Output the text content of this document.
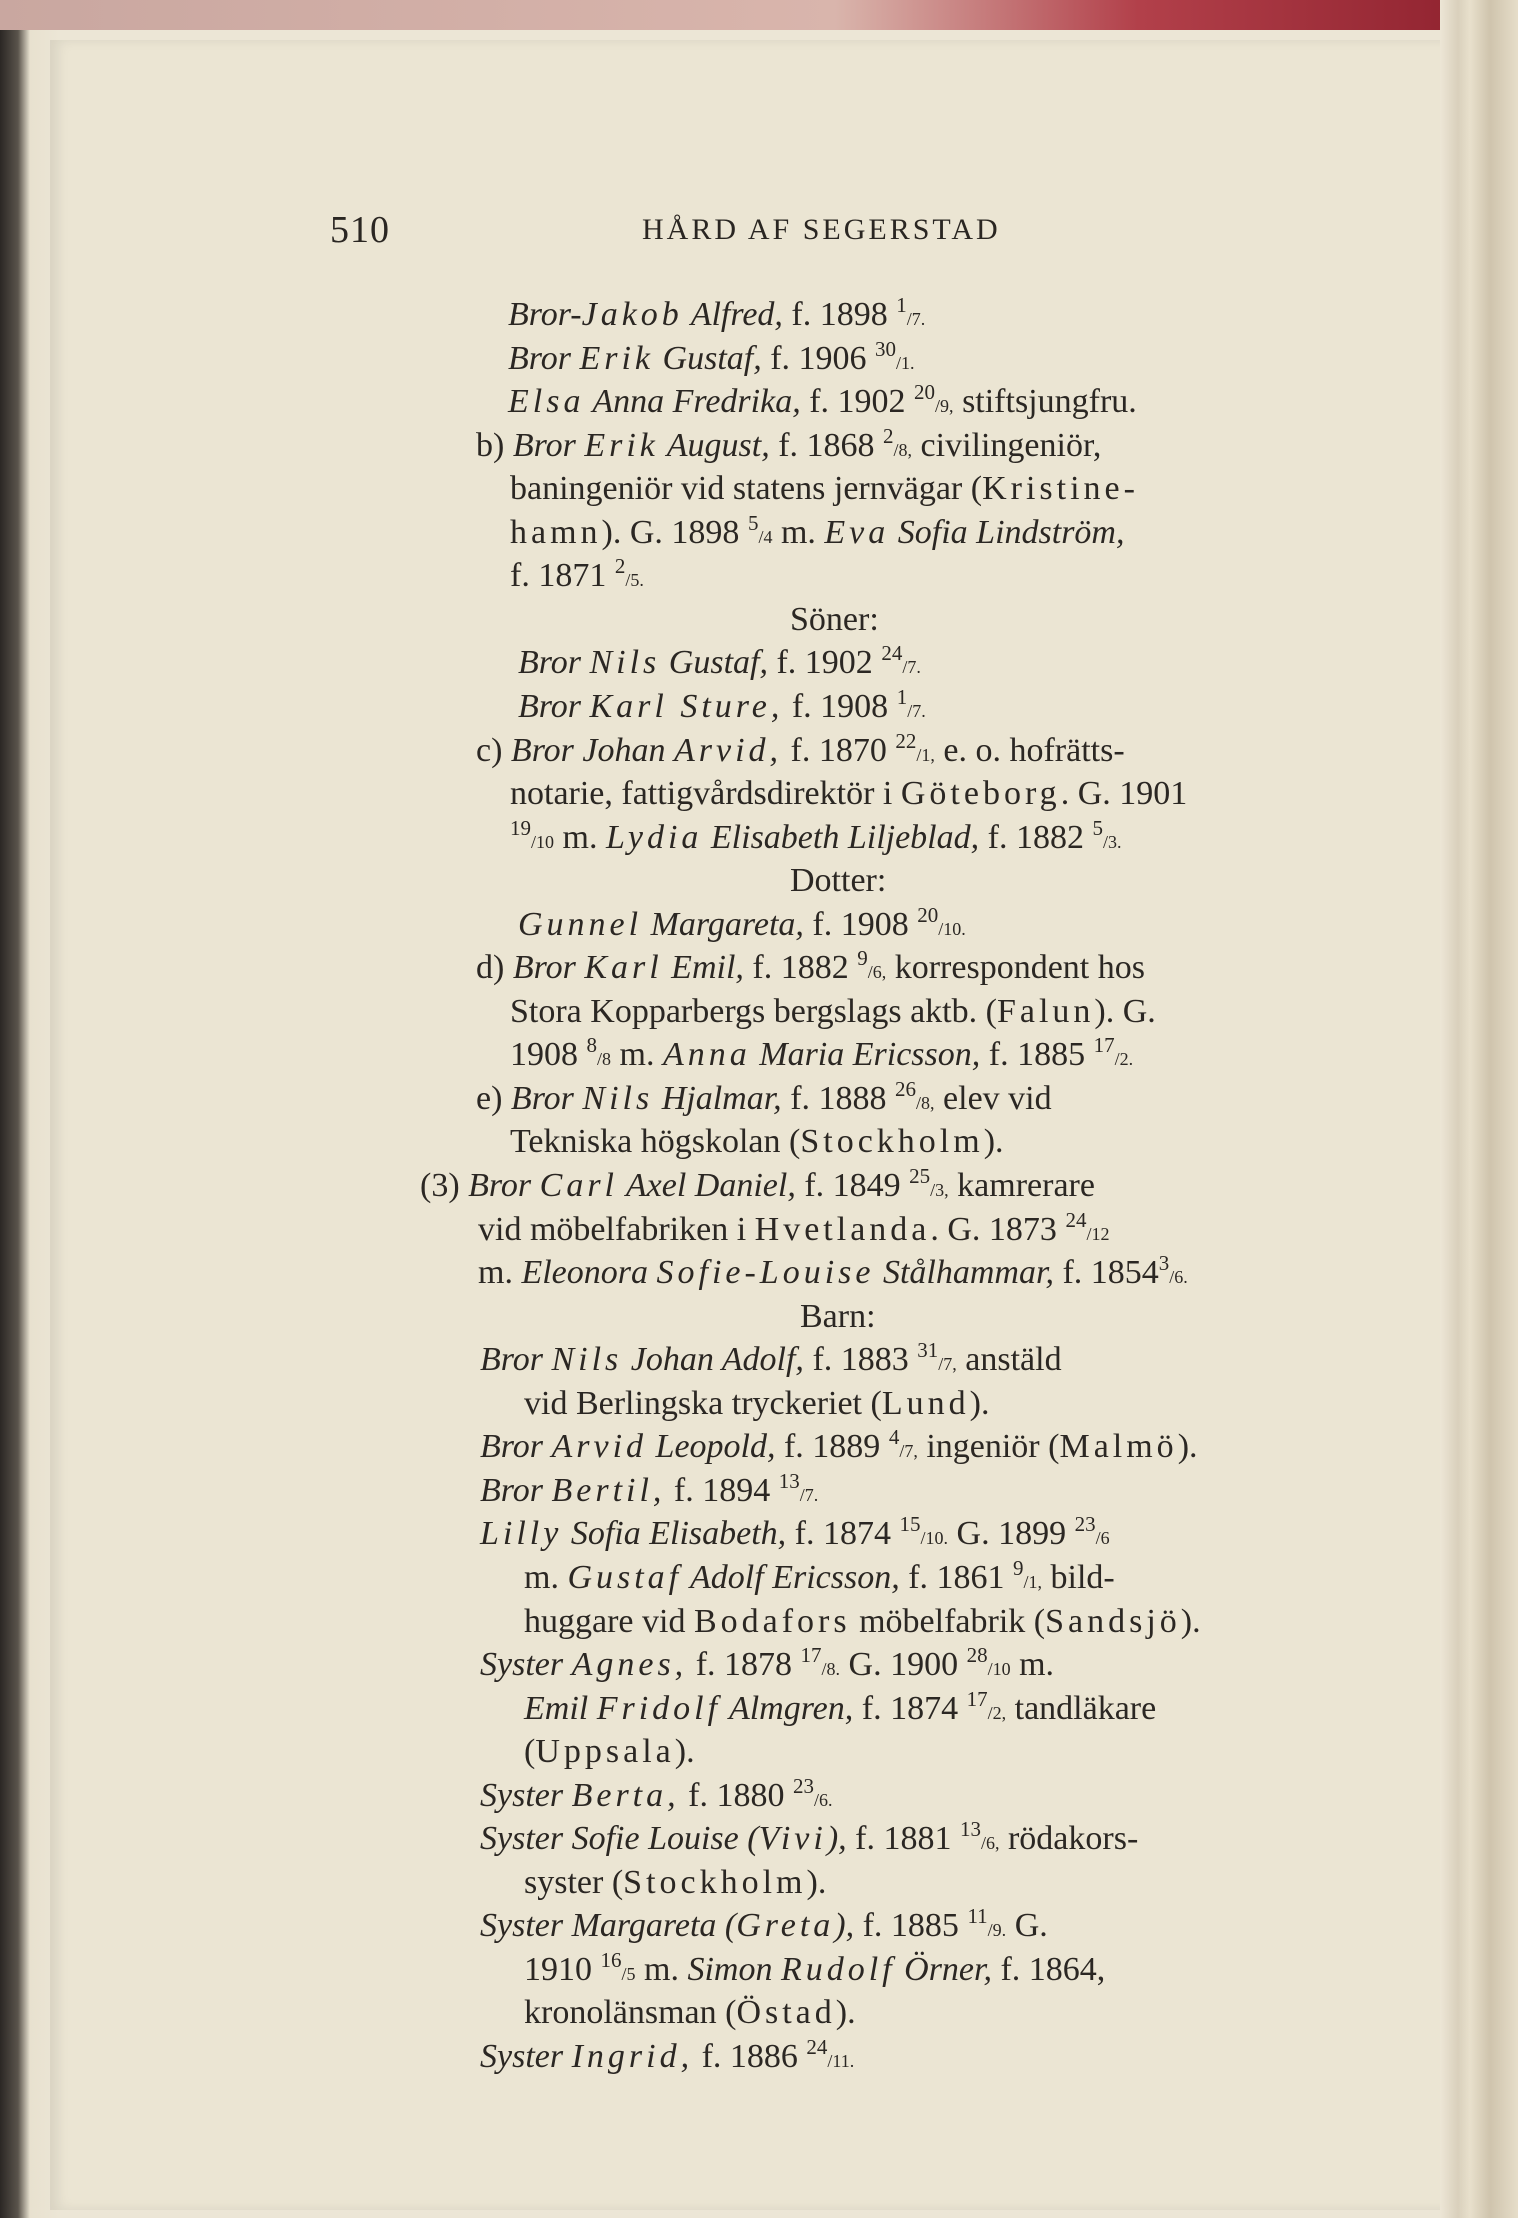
510	HÅRD AF SEGERSTAD
Bror-Jakob Alfred, f. 1898 1/7.
Bror Erik Gustaf, f. 1906 30/1.
Elsa Anna Fredrika, f. 1902 20/9, stiftsjungfru.
b) Bror Erik August, f. 1868 2/8, civilingeniör,
baningeniör vid statens jernvägar (Kristine-
hamn). G. 1898 5/4 m. Eva Sofia Lindström,
f. 1871 2/5.
Söner:
Bror Nils Gustaf, f. 1902 24/7.
Bror Karl Sture, f. 1908 1/7.
c) Bror Johan Arvid, f. 1870 22/1, e. o. hofrätts-
notarie, fattigvårdsdirektör i Göteborg. G. 1901
19/10 m. Lydia Elisabeth Liljeblad, f. 1882 5/3.
Dotter:
Gunnel Margareta, f. 1908 20/10.
d) Bror Karl Emil, f. 1882 9/6, korrespondent hos
Stora Kopparbergs bergslags aktb. (Falun). G.
1908 8/8 m. Anna Maria Ericsson, f. 1885 17/2.
e) Bror Nils Hjalmar, f. 1888 26/8, elev vid
Tekniska högskolan (Stockholm).
(3) Bror Carl Axel Daniel, f. 1849 25/3, kamrerare
vid möbelfabriken i Hvetlanda. G. 1873 24/12
m. Eleonora Sofie-Louise Stålhammar, f. 18543/6.
Barn:
Bror Nils Johan Adolf, f. 1883 31/7, anstäld
vid Berlingska tryckeriet (Lund).
Bror Arvid Leopold, f. 1889 4/7, ingeniör (Malmö).
Bror Bertil, f. 1894 13/7.
Lilly Sofia Elisabeth, f. 1874 15/10. G. 1899 23/6
m. Gustaf Adolf Ericsson, f. 1861 9/1, bild-
huggare vid Bodafors möbelfabrik (Sandsjö).
Syster Agnes, f. 1878 17/8. G. 1900 28/10 m.
Emil Fridolf Almgren, f. 1874 17/2, tandläkare
(Uppsala).
Syster Berta, f. 1880 23/6.
Syster Sofie Louise (Vivi), f. 1881 13/6, rödakors-
syster (Stockholm).
Syster Margareta (Greta), f. 1885 11/9. G.
1910 16/5 m. Simon Rudolf Örner, f. 1864,
kronolänsman (Östad).
Syster Ingrid, f. 1886 24/11.
